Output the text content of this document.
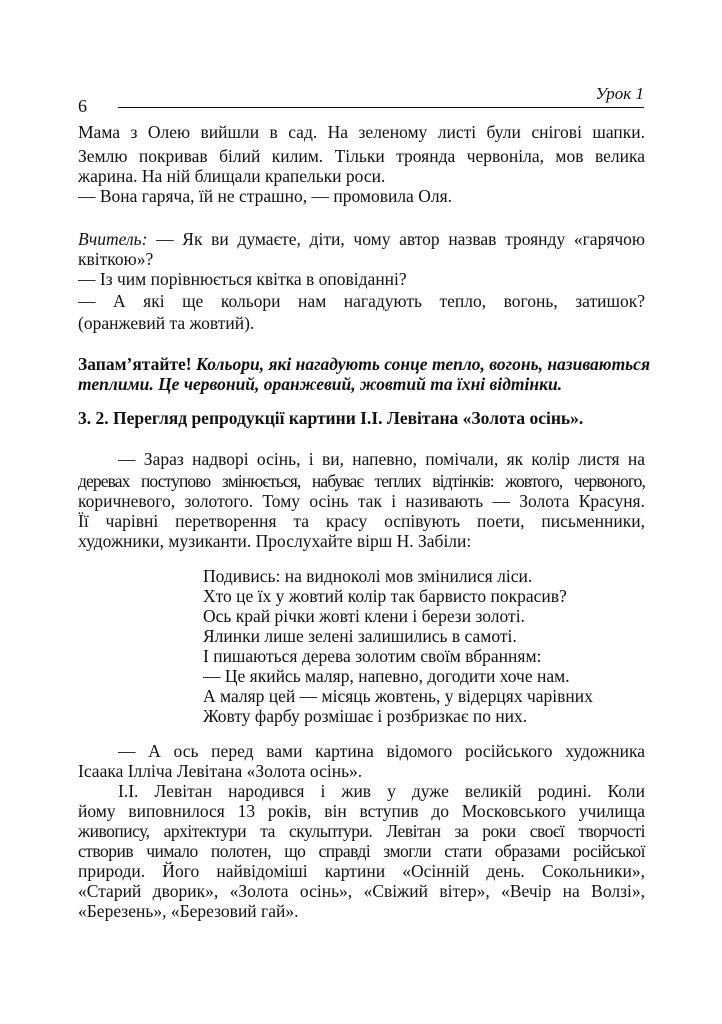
Урок 1
6
Мама з Олею вийшли в сад. На зеленому листі були снігові шапки.
Землю покривав білий килим. Тільки троянда червоніла, мов велика
жарина. На ній блищали крапельки роси.
— Вона гаряча, їй не страшно, — промовила Оля.
Вчитель: — Як ви думаєте, діти, чому автор назвав троянду «гарячою
квіткою»?
— Із чим порівнюється квітка в оповіданні?
— А які ще кольори нам нагадують тепло, вогонь, затишок?
(оранжевий та жовтий).
Запам’ятайте! Кольори, які нагадують сонце тепло, вогонь, називаються
теплими. Це червоний, оранжевий, жовтий та їхні відтінки.
3. 2. Перегляд репродукції картини І.І. Левітана «Золота осінь».
— Зараз надворі осінь, і ви, напевно, помічали, як колір листя на
деревах поступово змінюється, набуває теплих відтінків: жовтого, червоного,
коричневого, золотого. Тому осінь так і називають — Золота Красуня.
Її чарівні перетворення та красу оспівують поети, письменники,
художники, музиканти. Прослухайте вірш Н. Забіли:
Подивись: на видноколі мов змінилися ліси.
Хто це їх у жовтий колір так барвисто покрасив?
Ось край річки жовті клени і берези золоті.
Ялинки лише зелені залишились в самоті.
І пишаються дерева золотим своїм вбранням:
— Це якийсь маляр, напевно, догодити хоче нам.
А маляр цей — місяць жовтень, у відерцях чарівних
Жовту фарбу розмішає і розбризкає по них.
— А ось перед вами картина відомого російського художника
Ісаака Ілліча Левітана «Золота осінь».
І.І. Левітан народився і жив у дуже великій родині. Коли
йому виповнилося 13 років, він вступив до Московського училища
живопису, архітектури та скульптури. Левітан за роки своєї творчості
створив чимало полотен, що справді змогли стати образами російської
природи. Його найвідоміші картини «Осінній день. Сокольники»,
«Старий дворик», «Золота осінь», «Свіжий вітер», «Вечір на Волзі»,
«Березень», «Березовий гай».
